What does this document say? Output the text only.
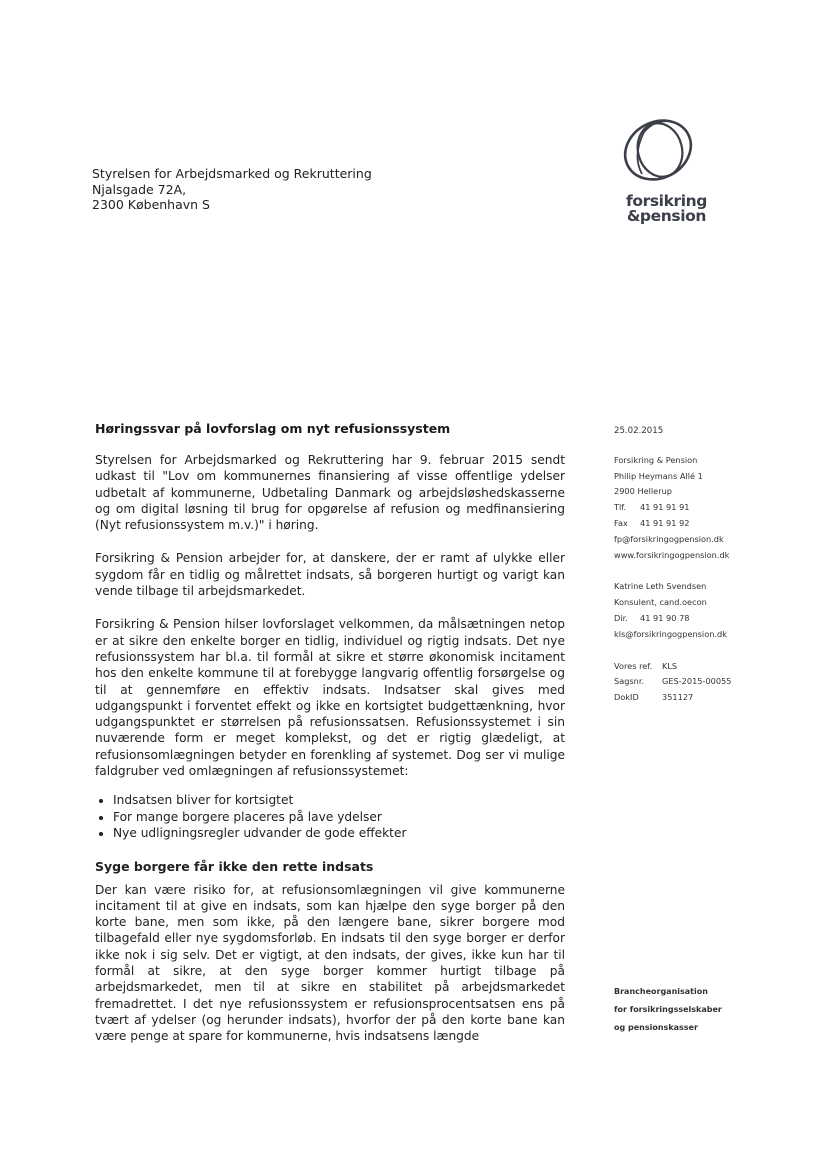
Styrelsen for Arbejdsmarked og Rekruttering
Njalsgade 72A,
2300 København S	forsikring
&pension
Høringssvar på lovforslag om nyt refusionssystem

Styrelsen for Arbejdsmarked og Rekruttering har 9. februar 2015 sendt udkast til "Lov om kommunernes finansiering af visse offentlige ydelser udbetalt af kommunerne, Udbetaling Danmark og arbejdsløshedskasserne og om digital løsning til brug for opgørelse af refusion og medfinansiering (Nyt refusionssystem m.v.)" i høring.

Forsikring & Pension arbejder for, at danskere, der er ramt af ulykke eller sygdom får en tidlig og målrettet indsats, så borgeren hurtigt og varigt kan vende tilbage til arbejdsmarkedet.

Forsikring & Pension hilser lovforslaget velkommen, da målsætningen netop er at sikre den enkelte borger en tidlig, individuel og rigtig indsats. Det nye refusionssystem har bl.a. til formål at sikre et større økonomisk incitament hos den enkelte kommune til at forebygge langvarig offentlig forsørgelse og til at gennemføre en effektiv indsats. Indsatser skal gives med udgangspunkt i forventet effekt og ikke en kortsigtet budgettænkning, hvor udgangspunktet er størrelsen på refusionssatsen. Refusionssystemet i sin nuværende form er meget komplekst, og det er rigtig glædeligt, at refusionsomlægningen betyder en forenkling af systemet. Dog ser vi mulige faldgruber ved omlægningen af refusionssystemet:

• Indsatsen bliver for kortsigtet
• For mange borgere placeres på lave ydelser
• Nye udligningsregler udvander de gode effekter
Syge borgere får ikke den rette indsats

Der kan være risiko for, at refusionsomlægningen vil give kommunerne incitament til at give en indsats, som kan hjælpe den syge borger på den korte bane, men som ikke, på den længere bane, sikrer borgere mod tilbagefald eller nye sygdomsforløb. En indsats til den syge borger er derfor ikke nok i sig selv. Det er vigtigt, at den indsats, der gives, ikke kun har til formål at sikre, at den syge borger kommer hurtigt tilbage på arbejdsmarkedet, men til at sikre en stabilitet på arbejdsmarkedet fremadrettet. I det nye refusionssystem er refusionsprocentsatsen ens på tvært af ydelser (og herunder indsats), hvorfor der på den korte bane kan være penge at spare for kommunerne, hvis indsatsens længde

25.02.2015
Forsikring & Pension
Philip Heymans Allé 1
2900 Hellerup
Tlf. 41 91 91 91
Fax 41 91 91 92
fp@forsikringogpension.dk
www.forsikringogpension.dk
Katrine Leth Svendsen
Konsulent, cand.oecon
Dir. 41 91 90 78
kls@forsikringogpension.dk
Vores ref. KLS
Sagsnr. GES-2015-00055
DokID	351127
Brancheorganisation
for forsikringsselskaber
og pensionskasser
